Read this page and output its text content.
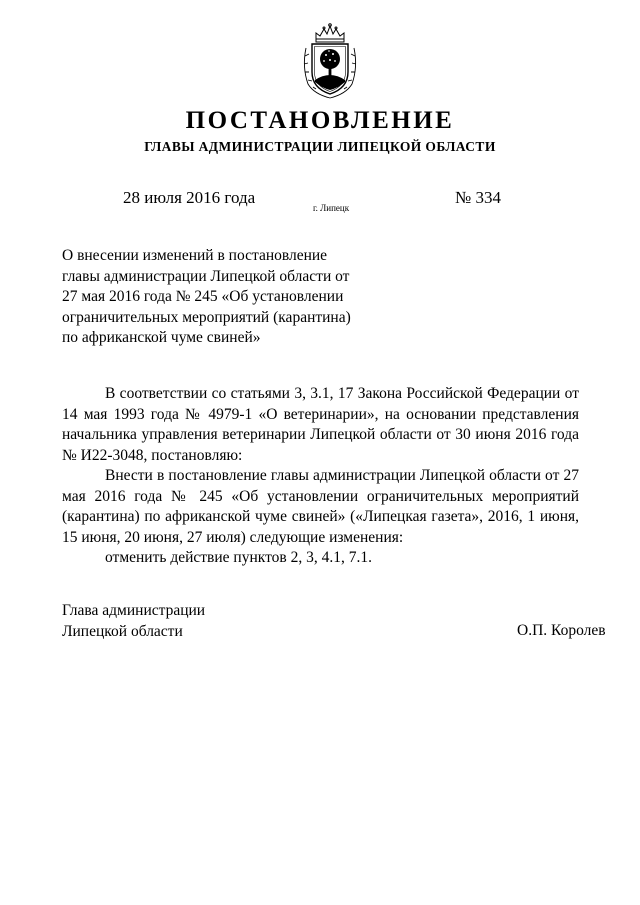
ПОСТАНОВЛЕНИЕ
ГЛАВЫ АДМИНИСТРАЦИИ ЛИПЕЦКОЙ ОБЛАСТИ
28 июля 2016 года
г. Липецк
№ 334
О внесении изменений в постановление
главы администрации Липецкой области от
27 мая 2016 года № 245 «Об установлении
ограничительных мероприятий (карантина)
по африканской чуме свиней»

В соответствии со статьями 3, 3.1, 17 Закона Российской Федерации от 14 мая 1993 года № 4979-1 «О ветеринарии», на основании представления начальника управления ветеринарии Липецкой области от 30 июня 2016 года № И22-3048, постановляю:

Внести в постановление главы администрации Липецкой области от 27 мая 2016 года № 245 «Об установлении ограничительных мероприятий (карантина) по африканской чуме свиней» («Липецкая газета», 2016, 1 июня, 15 июня, 20 июня, 27 июля) следующие изменения:

отменить действие пунктов 2, 3, 4.1, 7.1.

Глава администрации
Липецкой области	О.П. Королев
